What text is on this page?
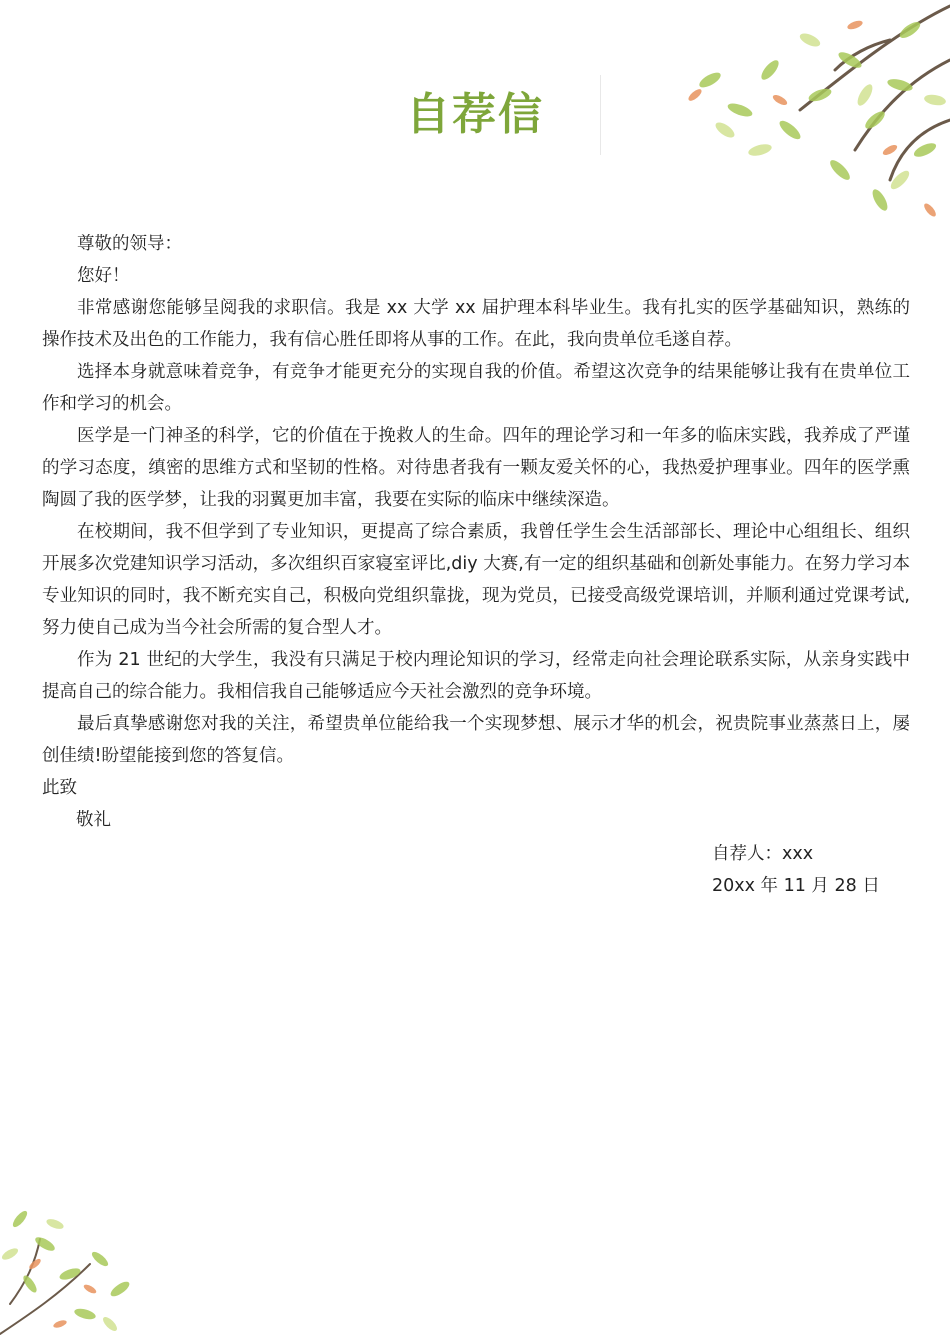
自荐信

尊敬的领导：

您好！

非常感谢您能够呈阅我的求职信。我是 xx 大学 xx 届护理本科毕业生。我有扎实的医学基础知识，熟练的操作技术及出色的工作能力，我有信心胜任即将从事的工作。在此，我向贵单位毛遂自荐。

选择本身就意味着竞争，有竞争才能更充分的实现自我的价值。希望这次竞争的结果能够让我有在贵单位工作和学习的机会。

医学是一门神圣的科学，它的价值在于挽救人的生命。四年的理论学习和一年多的临床实践，我养成了严谨的学习态度，缜密的思维方式和坚韧的性格。对待患者我有一颗友爱关怀的心，我热爱护理事业。四年的医学熏陶圆了我的医学梦，让我的羽翼更加丰富，我要在实际的临床中继续深造。

在校期间，我不但学到了专业知识，更提高了综合素质，我曾任学生会生活部部长、理论中心组组长、组织开展多次党建知识学习活动，多次组织百家寝室评比,diy 大赛,有一定的组织基础和创新处事能力。在努力学习本专业知识的同时，我不断充实自己，积极向党组织靠拢，现为党员，已接受高级党课培训，并顺利通过党课考试,努力使自己成为当今社会所需的复合型人才。

作为 21 世纪的大学生，我没有只满足于校内理论知识的学习，经常走向社会理论联系实际，从亲身实践中提高自己的综合能力。我相信我自己能够适应今天社会激烈的竞争环境。

最后真挚感谢您对我的关注，希望贵单位能给我一个实现梦想、展示才华的机会，祝贵院事业蒸蒸日上，屡创佳绩!盼望能接到您的答复信。

此致

敬礼

自荐人：xxx

20xx 年 11 月 28 日
